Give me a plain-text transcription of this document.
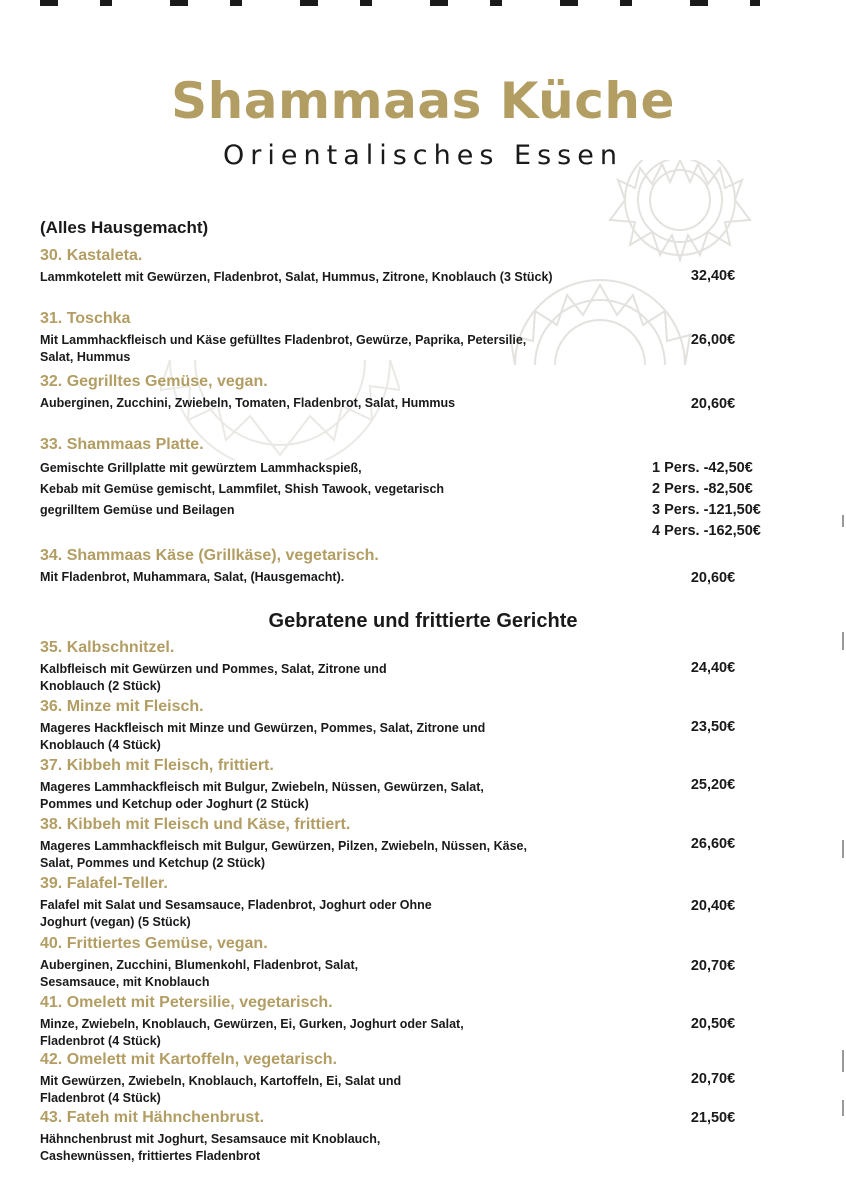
Shammaas Küche
Orientalisches Essen
(Alles Hausgemacht)
30. Kastaleta.
Lammkotelett mit Gewürzen, Fladenbrot, Salat, Hummus, Zitrone, Knoblauch (3 Stück)	32,40€
31. Toschka
Mit Lammhackfleisch und Käse gefülltes Fladenbrot, Gewürze, Paprika, Petersilie, Salat, Hummus
26,00€
32. Gegrilltes Gemüse, vegan.
Auberginen, Zucchini, Zwiebeln, Tomaten, Fladenbrot, Salat, Hummus	20,60€
33. Shammaas Platte.
Gemischte Grillplatte mit gewürztem Lammhackspieß,	1 Pers. -42,50€
Kebab mit Gemüse gemischt, Lammfilet, Shish Tawook, vegetarisch	2 Pers. -82,50€
gegrilltem Gemüse und Beilagen	3 Pers. -121,50€
4 Pers. -162,50€
34. Shammaas Käse (Grillkäse), vegetarisch.
Mit Fladenbrot, Muhammara, Salat, (Hausgemacht).	20,60€
Gebratene und frittierte Gerichte
35. Kalbschnitzel.
Kalbfleisch mit Gewürzen und Pommes, Salat, Zitrone und Knoblauch (2 Stück)
24,40€
36. Minze mit Fleisch.
Mageres Hackfleisch mit Minze und Gewürzen, Pommes, Salat, Zitrone und Knoblauch (4 Stück)
23,50€
37. Kibbeh mit Fleisch, frittiert.
Mageres Lammhackfleisch mit Bulgur, Zwiebeln, Nüssen, Gewürzen, Salat, Pommes und Ketchup oder Joghurt (2 Stück)
25,20€
38. Kibbeh mit Fleisch und Käse, frittiert.
Mageres Lammhackfleisch mit Bulgur, Gewürzen, Pilzen, Zwiebeln, Nüssen, Käse, Salat, Pommes und Ketchup (2 Stück)
26,60€
39. Falafel-Teller.
Falafel mit Salat und Sesamsauce, Fladenbrot, Joghurt oder Ohne Joghurt (vegan) (5 Stück)
20,40€
40. Frittiertes Gemüse, vegan.
Auberginen, Zucchini, Blumenkohl, Fladenbrot, Salat, Sesamsauce, mit Knoblauch
20,70€
41. Omelett mit Petersilie, vegetarisch.
Minze, Zwiebeln, Knoblauch, Gewürzen, Ei, Gurken, Joghurt oder Salat, Fladenbrot (4 Stück)
20,50€
42. Omelett mit Kartoffeln, vegetarisch.
Mit Gewürzen, Zwiebeln, Knoblauch, Kartoffeln, Ei, Salat und Fladenbrot (4 Stück)
20,70€
43. Fateh mit Hähnchenbrust.
Hähnchenbrust mit Joghurt, Sesamsauce mit Knoblauch, Cashewnüssen, frittiertes Fladenbrot
21,50€
